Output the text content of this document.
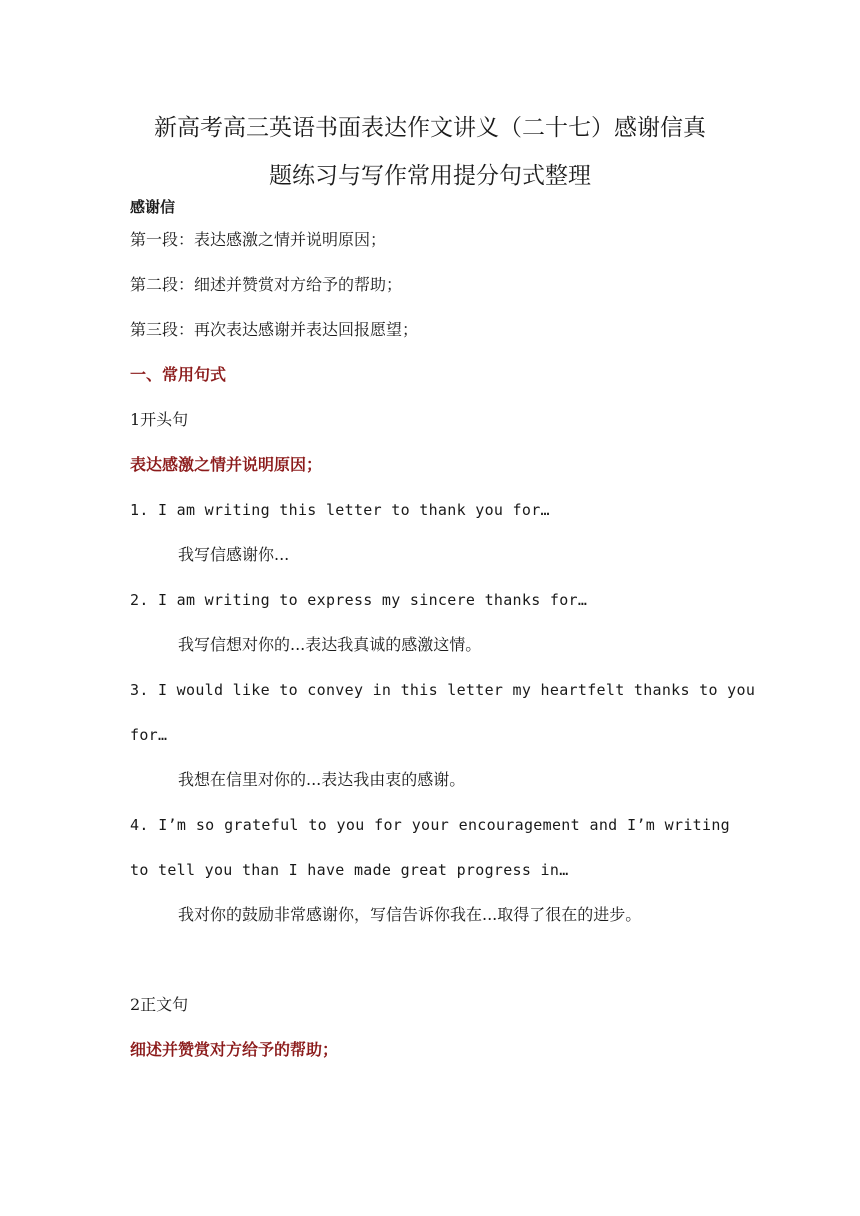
新高考高三英语书面表达作文讲义（二十七）感谢信真
题练习与写作常用提分句式整理
感谢信
第一段：表达感激之情并说明原因；
第二段：细述并赞赏对方给予的帮助；
第三段：再次表达感谢并表达回报愿望；
一、常用句式
1开头句
表达感激之情并说明原因；
1. I am writing this letter to thank you for…
我写信感谢你...
2. I am writing to express my sincere thanks for…
我写信想对你的...表达我真诚的感激这情。
3. I would like to convey in this letter my heartfelt thanks to you
for…
我想在信里对你的...表达我由衷的感谢。
4. I’m so grateful to you for your encouragement and I’m writing
to tell you than I have made great progress in…
我对你的鼓励非常感谢你，写信告诉你我在...取得了很在的进步。
2正文句
细述并赞赏对方给予的帮助；
